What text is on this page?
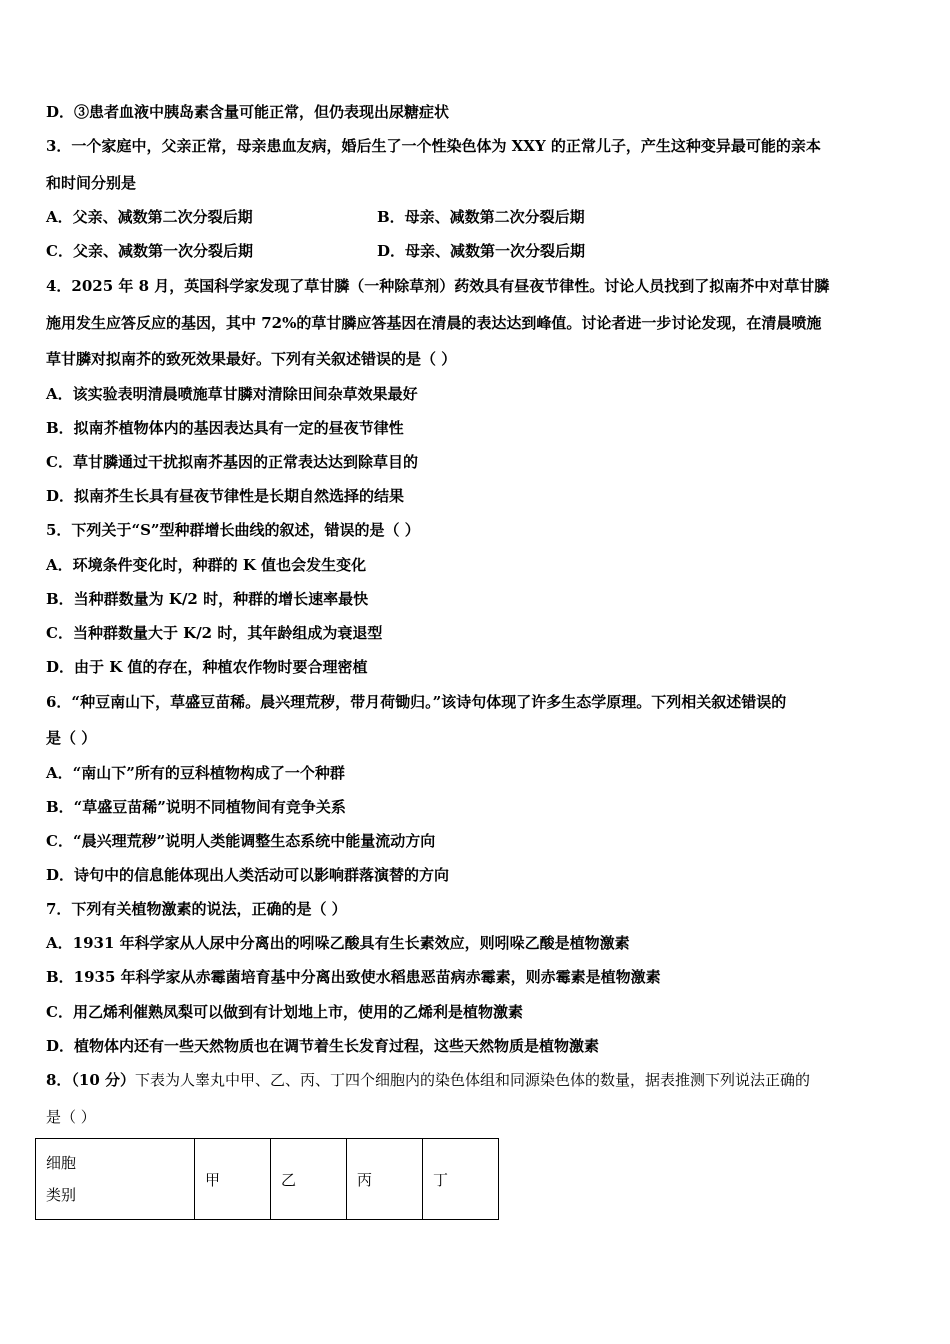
D．③患者血液中胰岛素含量可能正常，但仍表现出尿糖症状
3．一个家庭中，父亲正常，母亲患血友病，婚后生了一个性染色体为 XXY 的正常儿子，产生这种变异最可能的亲本
和时间分别是
A．父亲、减数第二次分裂后期	B．母亲、减数第二次分裂后期
C．父亲、减数第一次分裂后期	D．母亲、减数第一次分裂后期
4．2025 年 8 月，英国科学家发现了草甘膦（一种除草剂）药效具有昼夜节律性。讨论人员找到了拟南芥中对草甘膦
施用发生应答反应的基因，其中 72%的草甘膦应答基因在清晨的表达达到峰值。讨论者进一步讨论发现，在清晨喷施
草甘膦对拟南芥的致死效果最好。下列有关叙述错误的是（ ）
A．该实验表明清晨喷施草甘膦对清除田间杂草效果最好
B．拟南芥植物体内的基因表达具有一定的昼夜节律性
C．草甘膦通过干扰拟南芥基因的正常表达达到除草目的
D．拟南芥生长具有昼夜节律性是长期自然选择的结果
5．下列关于“S”型种群增长曲线的叙述，错误的是（ ）
A．环境条件变化时，种群的 K 值也会发生变化
B．当种群数量为 K/2 时，种群的增长速率最快
C．当种群数量大于 K/2 时，其年龄组成为衰退型
D．由于 K 值的存在，种植农作物时要合理密植
6．“种豆南山下，草盛豆苗稀。晨兴理荒秽，带月荷锄归。”该诗句体现了许多生态学原理。下列相关叙述错误的
是（ ）
A．“南山下”所有的豆科植物构成了一个种群
B．“草盛豆苗稀”说明不同植物间有竞争关系
C．“晨兴理荒秽”说明人类能调整生态系统中能量流动方向
D．诗句中的信息能体现出人类活动可以影响群落演替的方向
7．下列有关植物激素的说法，正确的是（ ）
A．1931 年科学家从人尿中分离出的吲哚乙酸具有生长素效应，则吲哚乙酸是植物激素
B．1935 年科学家从赤霉菌培育基中分离出致使水稻患恶苗病赤霉素，则赤霉素是植物激素
C．用乙烯利催熟凤梨可以做到有计划地上市，使用的乙烯利是植物激素
D．植物体内还有一些天然物质也在调节着生长发育过程，这些天然物质是植物激素
8．（10 分）下表为人睾丸中甲、乙、丙、丁四个细胞内的染色体组和同源染色体的数量，据表推测下列说法正确的
是（ ）
细胞
类别
	甲	乙	丙	丁
